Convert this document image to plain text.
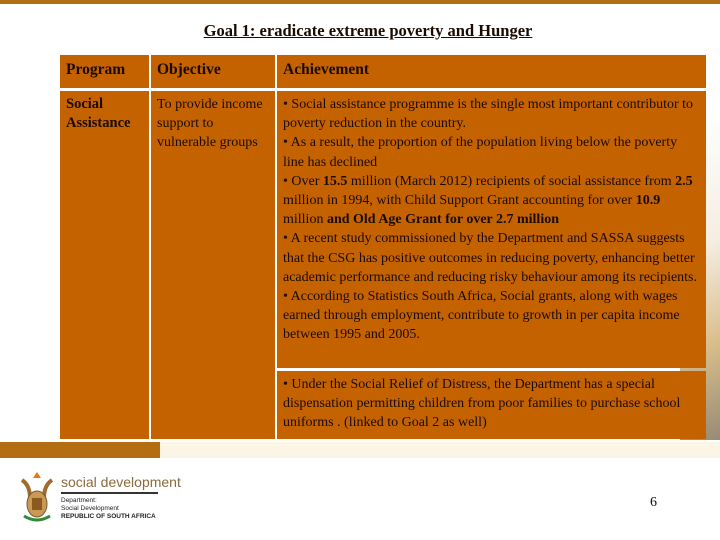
Goal 1: eradicate extreme poverty and Hunger
Program	Objective	Achievement
Social Assistance
To provide income support to vulnerable groups
• Social assistance programme is the single most important contributor to poverty reduction in the country.
• As a result, the proportion of the population living below the poverty line has declined
• Over 15.5 million (March 2012) recipients of social assistance from 2.5 million in 1994, with Child Support Grant accounting for over 10.9 million and Old Age Grant for over 2.7 million
• A recent study commissioned by the Department and SASSA suggests that the CSG has positive outcomes in reducing poverty, enhancing better academic performance and reducing risky behaviour among its recipients.
• According to Statistics South Africa, Social grants, along with wages earned through employment, contribute to growth in per capita income between 1995 and 2005.
• Under the Social Relief of Distress, the Department has a special dispensation permitting children from poor families to purchase school uniforms . (linked to Goal 2 as well)
social development
Department:
Social Development
REPUBLIC OF SOUTH AFRICA
6
